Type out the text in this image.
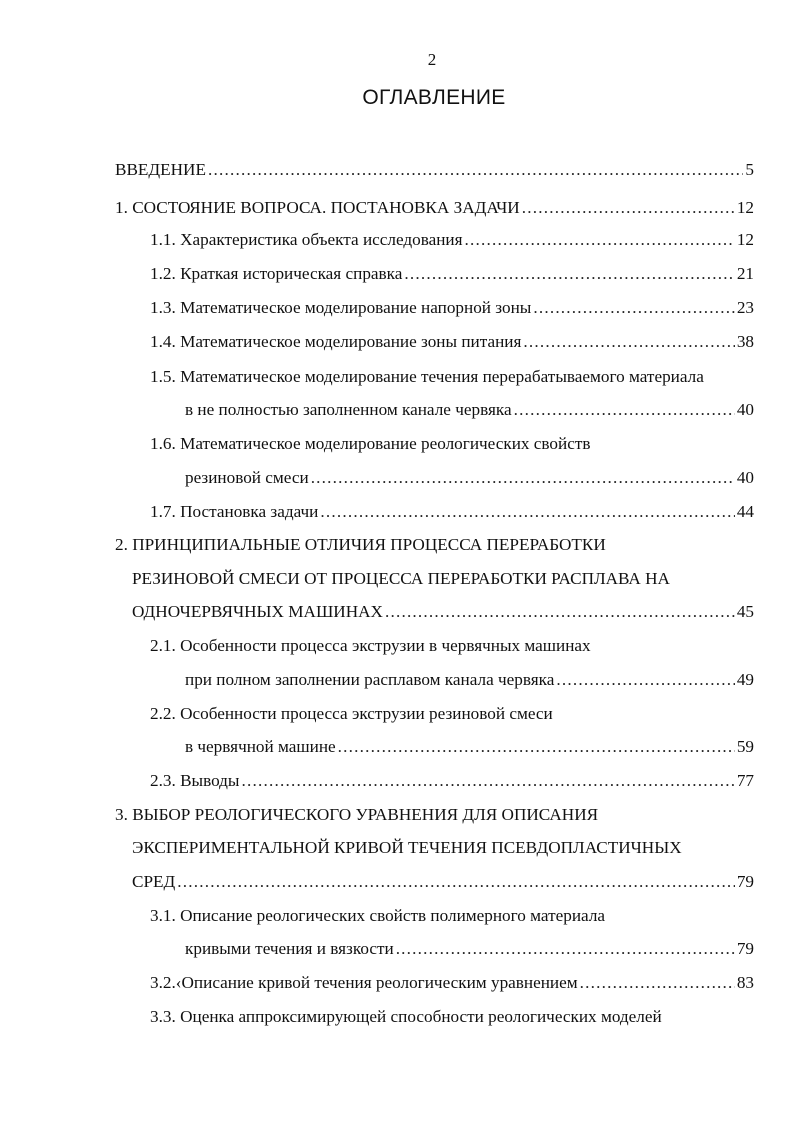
2
ОГЛАВЛЕНИЕ
ВВЕДЕНИЕ .....	5
1. СОСТОЯНИЕ ВОПРОСА. ПОСТАНОВКА ЗАДАЧИ .....	12
1.1. Характеристика объекта исследования .....	12
1.2. Краткая историческая справка .....	21
1.3. Математическое моделирование напорной зоны .....	23
1.4. Математическое моделирование зоны питания .....	38
1.5. Математическое моделирование течения перерабатываемого материала
в не полностью заполненном канале червяка .....	40
1.6. Математическое моделирование реологических свойств
резиновой смеси .....	40
1.7. Постановка задачи .....	44
2. ПРИНЦИПИАЛЬНЫЕ ОТЛИЧИЯ ПРОЦЕССА ПЕРЕРАБОТКИ
РЕЗИНОВОЙ СМЕСИ ОТ ПРОЦЕССА ПЕРЕРАБОТКИ РАСПЛАВА НА
ОДНОЧЕРВЯЧНЫХ МАШИНАХ .....	45
2.1. Особенности процесса экструзии в червячных машинах
при полном заполнении расплавом канала червяка .....	49
2.2. Особенности процесса экструзии резиновой смеси
в червячной машине .....	59
2.3. Выводы .....	77
3. ВЫБОР РЕОЛОГИЧЕСКОГО УРАВНЕНИЯ ДЛЯ ОПИСАНИЯ
ЭКСПЕРИМЕНТАЛЬНОЙ КРИВОЙ ТЕЧЕНИЯ ПСЕВДОПЛАСТИЧНЫХ
СРЕД .....	79
3.1. Описание реологических свойств полимерного материала
кривыми течения и вязкости .....	79
3.2.‹Описание кривой течения реологическим уравнением .....	83
3.3. Оценка аппроксимирующей способности реологических моделей
